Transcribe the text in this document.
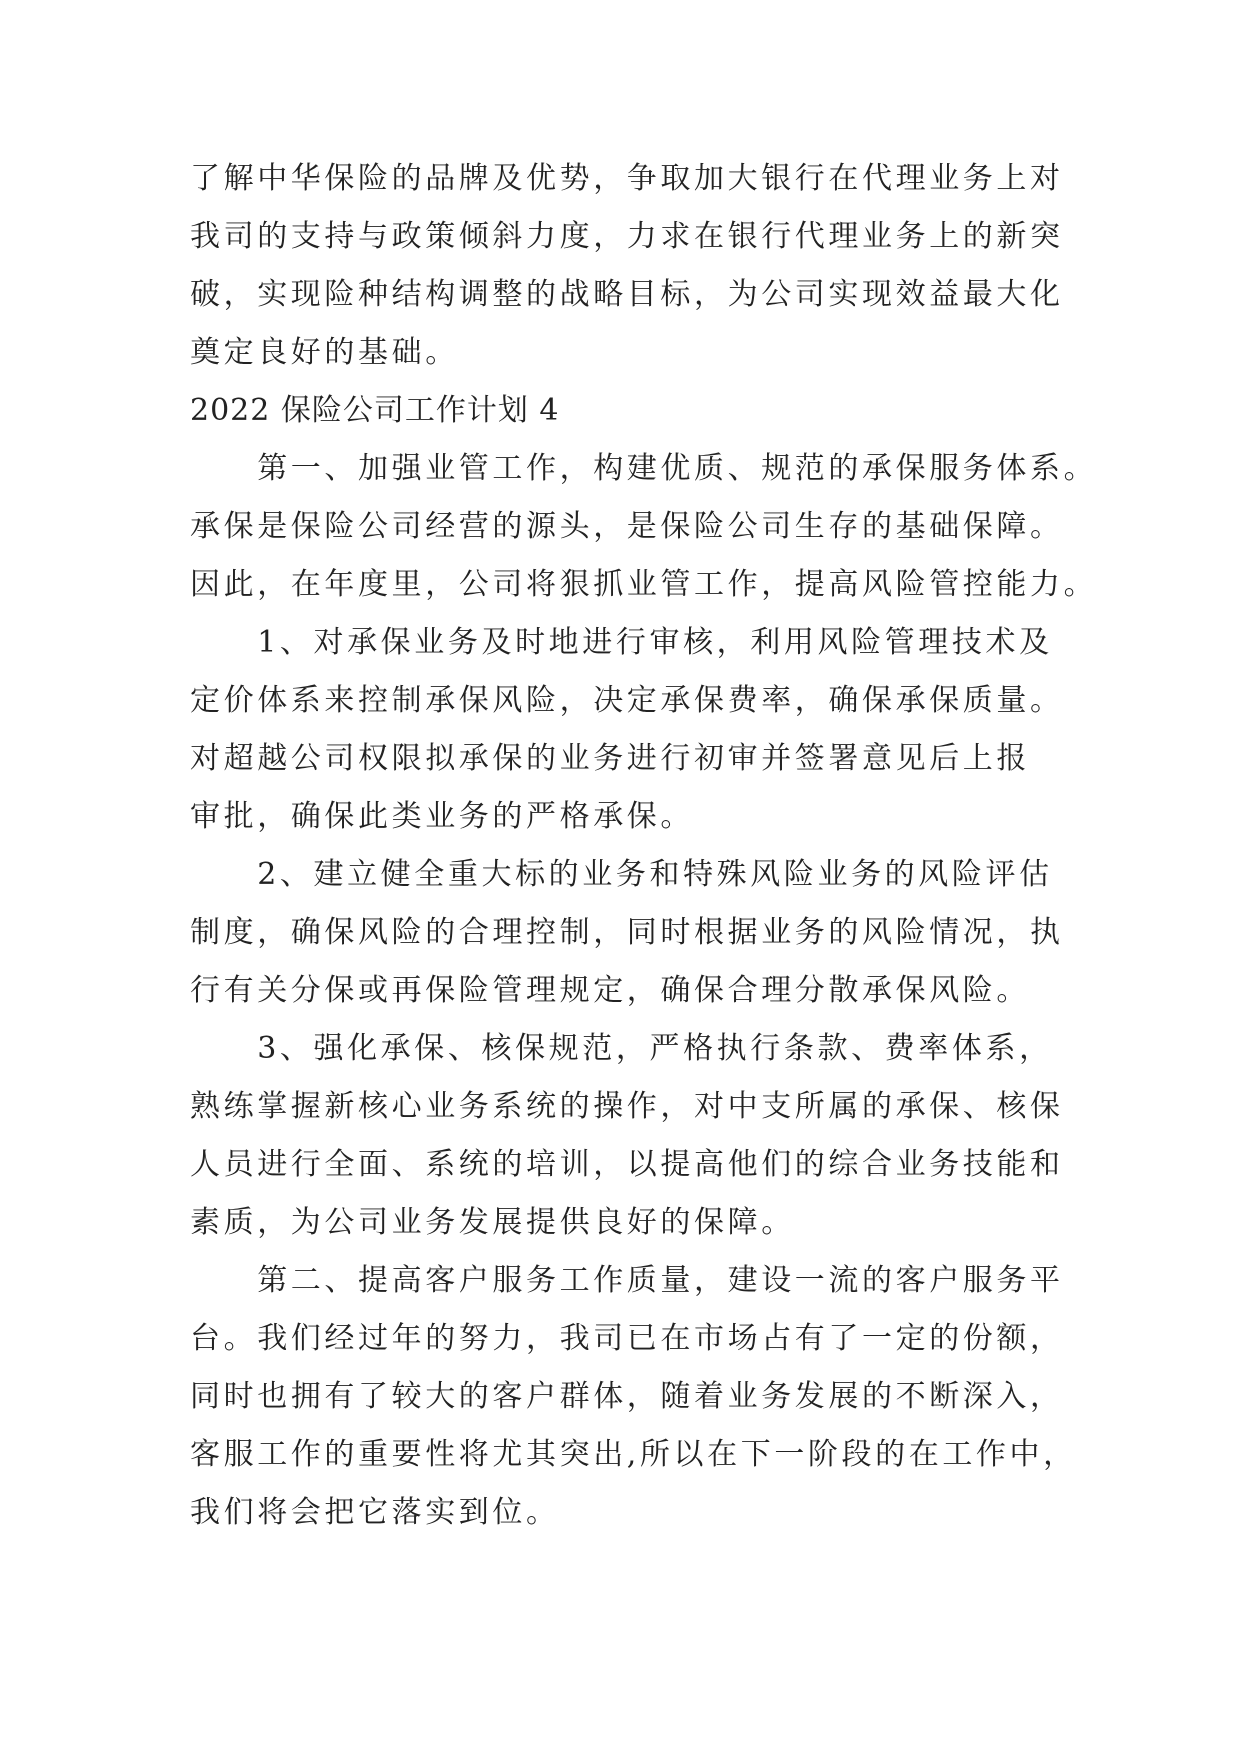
了解中华保险的品牌及优势，争取加大银行在代理业务上对
我司的支持与政策倾斜力度，力求在银行代理业务上的新突
破，实现险种结构调整的战略目标，为公司实现效益最大化
奠定良好的基础。
2022 保险公司工作计划 4
　　第一、加强业管工作，构建优质、规范的承保服务体系。
承保是保险公司经营的源头，是保险公司生存的基础保障。
因此，在年度里，公司将狠抓业管工作，提高风险管控能力。
　　1、对承保业务及时地进行审核，利用风险管理技术及
定价体系来控制承保风险，决定承保费率，确保承保质量。
对超越公司权限拟承保的业务进行初审并签署意见后上报
审批，确保此类业务的严格承保。
　　2、建立健全重大标的业务和特殊风险业务的风险评估
制度，确保风险的合理控制，同时根据业务的风险情况，执
行有关分保或再保险管理规定，确保合理分散承保风险。
　　3、强化承保、核保规范，严格执行条款、费率体系，
熟练掌握新核心业务系统的操作，对中支所属的承保、核保
人员进行全面、系统的培训，以提高他们的综合业务技能和
素质，为公司业务发展提供良好的保障。
　　第二、提高客户服务工作质量，建设一流的客户服务平
台。我们经过年的努力，我司已在市场占有了一定的份额，
同时也拥有了较大的客户群体，随着业务发展的不断深入，
客服工作的重要性将尤其突出,所以在下一阶段的在工作中，
我们将会把它落实到位。
